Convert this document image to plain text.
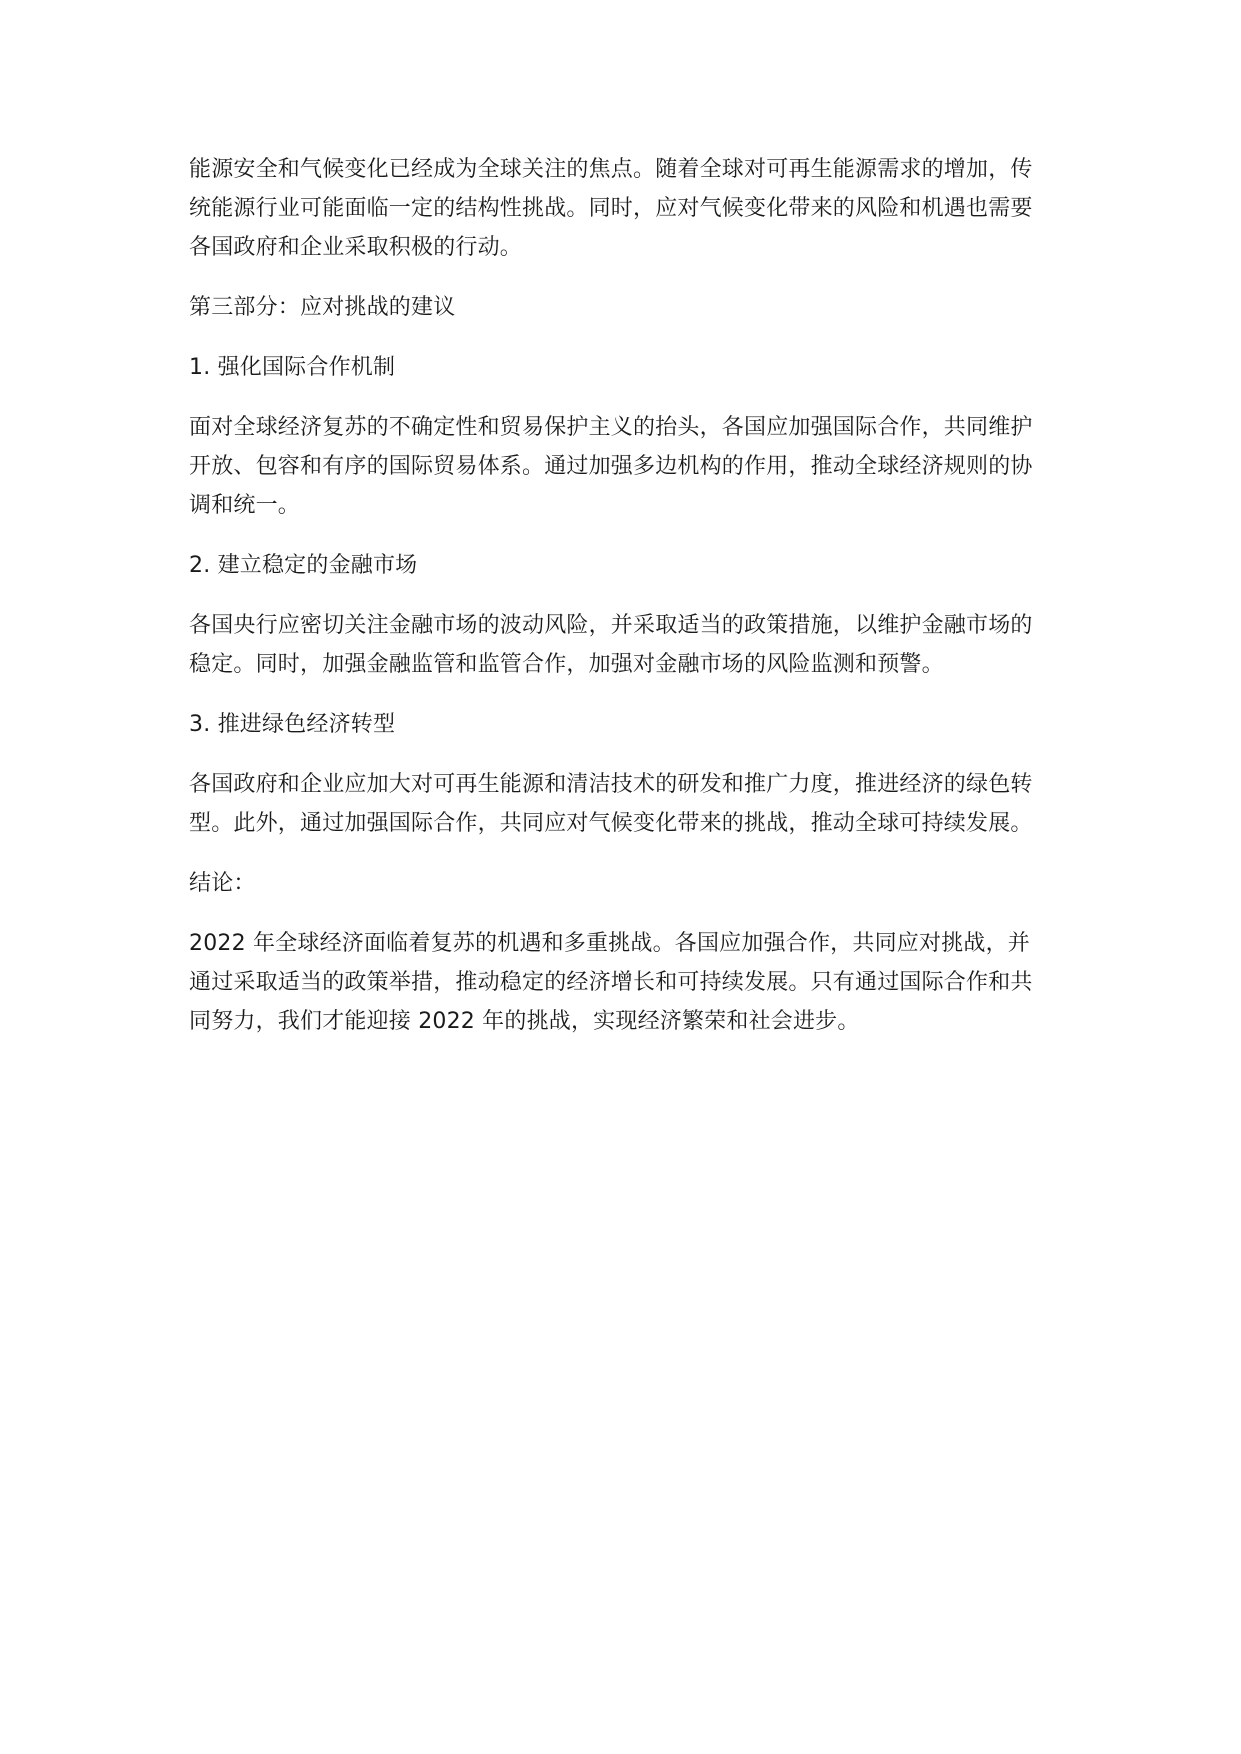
能源安全和气候变化已经成为全球关注的焦点。随着全球对可再生能源需求的增加，传统能源行业可能面临一定的结构性挑战。同时，应对气候变化带来的风险和机遇也需要各国政府和企业采取积极的行动。

第三部分：应对挑战的建议

1. 强化国际合作机制

面对全球经济复苏的不确定性和贸易保护主义的抬头，各国应加强国际合作，共同维护开放、包容和有序的国际贸易体系。通过加强多边机构的作用，推动全球经济规则的协调和统一。

2. 建立稳定的金融市场

各国央行应密切关注金融市场的波动风险，并采取适当的政策措施，以维护金融市场的稳定。同时，加强金融监管和监管合作，加强对金融市场的风险监测和预警。

3. 推进绿色经济转型

各国政府和企业应加大对可再生能源和清洁技术的研发和推广力度，推进经济的绿色转型。此外，通过加强国际合作，共同应对气候变化带来的挑战，推动全球可持续发展。

结论：

2022 年全球经济面临着复苏的机遇和多重挑战。各国应加强合作，共同应对挑战，并通过采取适当的政策举措，推动稳定的经济增长和可持续发展。只有通过国际合作和共同努力，我们才能迎接 2022 年的挑战，实现经济繁荣和社会进步。
